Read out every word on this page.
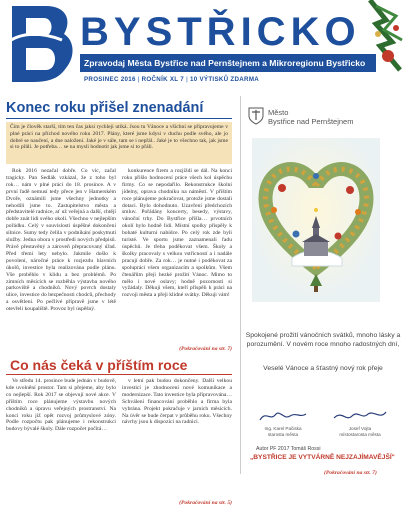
BYSTŘICKO
Zpravodaj Města Bystřice nad Pernštejnem a Mikroregionu Bystřicko
PROSINEC 2016 | ROČNÍK XL 7 | 10 VÝTISKŮ ZDARMA
Konec roku přišel znenadání
Čím je člověk starší, tím ten čas jaksi rychleji utíká. Jsou tu Vánoce a všichni se připravujeme v plné práci na příchod nového roku 2017. Plány, které jsme kdysi v duchu podle svého, ale jo dobré se naučení, a dne naložení. Jaké je v sále, tam se i nepřál.. Jaké je to všechno tak, jak jsme si to přáli. Je potřeba… se na mysli hodnotit jak jsme si to přáli.

Rok 2016 nezačal dobře. Co víc, začal tragicky. Pan Sedlák vzkázal, že z toho byl rok… nám v plné práci do 18. prosince. A v první řadě nemusí tedy přece jen v Hamerském Dvoře, oznámili jsme všechny jednotky a nehodili jsme to. Zastupitelstvo města a představitelé radnice, ať už veřejná a další, chtějí dobře znát lidi svého okolí. Všechno v nejlepším pořádku. Celý v souvislosti úspěšné dokončení silnice. Sumy tedy čelila v podnikání poskytnutí služby. Jedna obora v prostředí nových předpisů. Právě přestavěný a zároveň přepracovaný úřad. Před třemi lety nebylo. Jakmile došlo k povolení, náročné práce k rozjezdu hlavních úkolů, investice byla realizována podle plánu. Vše proběhlo v klidu a bez problémů. Po zimních měsících se rozběhla výstavba nového parkoviště a chodníků. Nový povrch dostaly ulice, investice do bezpečnosti chodců, přechody a osvětlení. Po pečlivé přípravě jsme v létě otevřeli koupaliště. Provoz byl úspěšný.

konkurence firem a rozjíždí se dál. Na konci roku přišlo hodnocení práce všech kol úspěchu firmy. Co se nepodařilo. Rekonstrukce školní jídelny, oprava chodníku na náměstí. V příštím roce plánujeme pokračovat, protože jsme dostali dotaci. Bylo dohodnuto. Uzavření předchozích smluv. Pořádány koncerty, besedy, výstavy, vánoční trhy. Do Bystřice přišla… prvotních okolí bylo hodně lidí. Místní spolky přispěly k bohaté kulturní nabídce. Po celý rok zde byli turisté. Ve sportu jsme zaznamenali řadu úspěchů. Je třeba poděkovat všem. Školy a školky pracovaly s velkou vstřícností a i nadále pracují dobře. Za rok… je nutné i poděkovat za spolupráci všem organizacím a spolkům. Všem čtenářům přeji hezké prožití Vánoc. Mimo to mělo i nové oslavy; hodně pozornosti si vyžádaly. Děkuji všem, kteří přispěli k práci na rozvoji města a přeji klidné svátky. Děkuji vám!

(Pokračování na str. 7)
Co nás čeká v příštím roce

Ve středu 14. prosince bude jednán v budově, kde uvolnění prostor. Tam si přejeme, aby bylo co nejlepší. Rok 2017 se objevují nové akce. V příštím roce plánujeme výstavbu nových chodníků a úpravu veřejných prostranství. Na konci roku již opět rozvoj průmyslové zóny. Podle rozpočtu pak plánujeme i rekonstrukci budovy bývalé školy. Dále rozpočet počítá…

v letní pak budou dokončeny. Další velkou investicí je zhodnocení nové komunikace a modernizace. Tato investice byla připravována… Schválení financování proběhlo a firma byla vybrána. Projekt pokračuje v jarních měsících. Na úvěr se bude čerpat v průběhu roku. Všechny návrhy jsou k dispozici na radnici.

(Pokračování na str. 5)
Město
Bystřice nad Pernštejnem
Spokojené prožití vánočních svátků, mnoho lásky a porozumění. V novém roce mnoho radostných dní,
Veselé Vánoce a šťastný nový rok přeje
Ing. Karel Pačiska
starosta města
Josef Vojta
místostarosta města
Autor PF 2017 Tomáš Rossi
„BYSTŘICE JE VYTVÁRNĚ NEJZAJÍMAVĚJŠÍ"
(Pokračování na str. 7)
